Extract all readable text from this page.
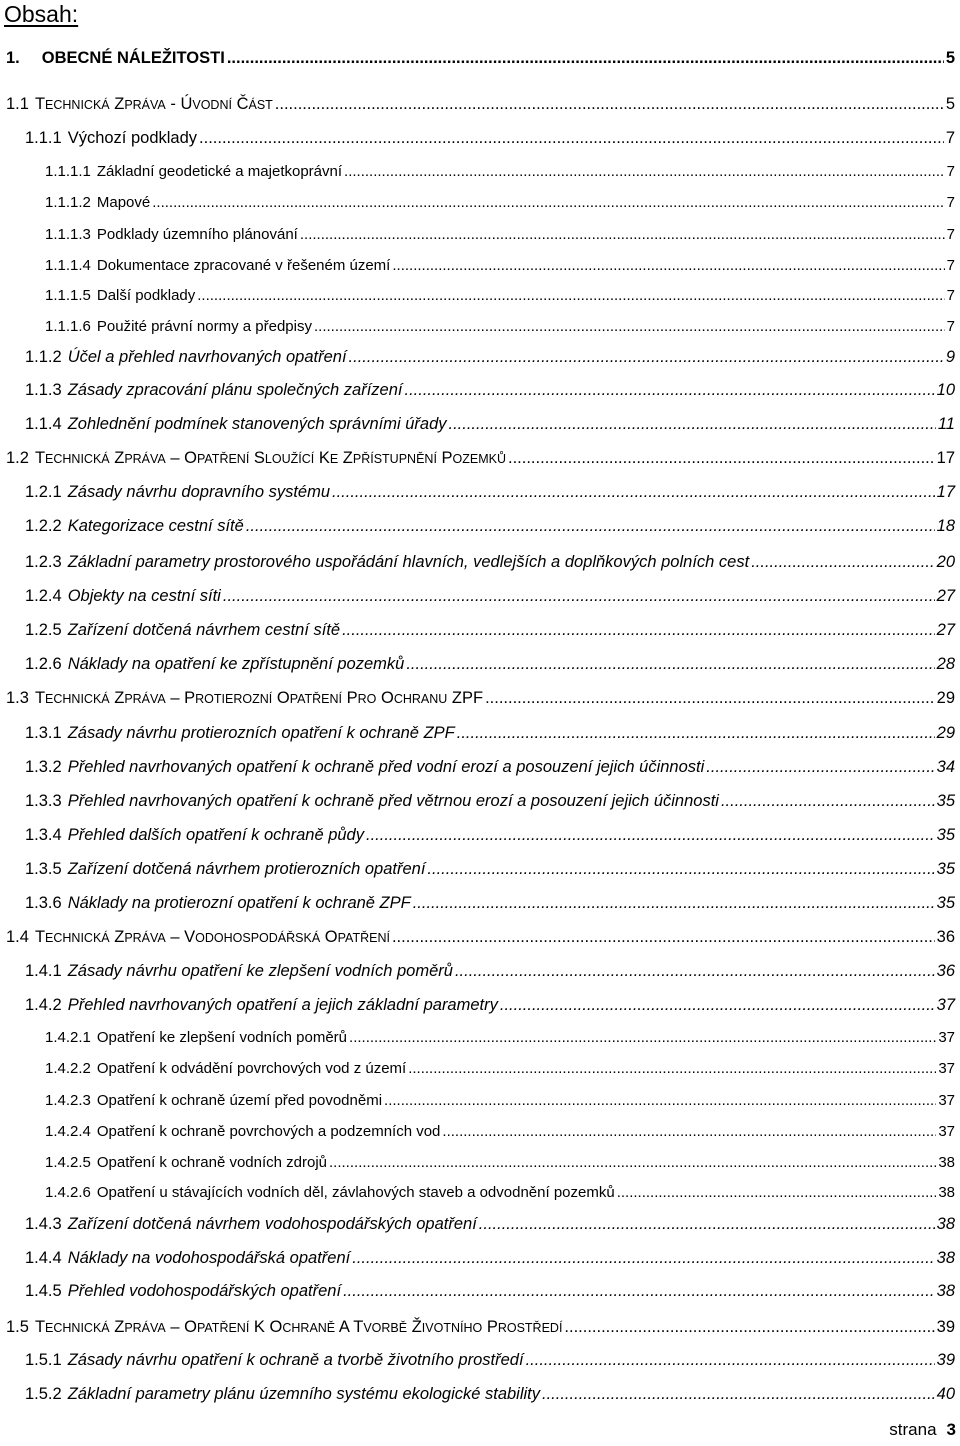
Obsah:
1. OBECNÉ NÁLEŽITOSTI .....	5
1.1 TECHNICKÁ ZPRÁVA - ÚVODNÍ ČÁST .....	5
1.1.1 Výchozí podklady .....	7
1.1.1.1 Základní geodetické a majetkoprávní .....	7
1.1.1.2 Mapové .....	7
1.1.1.3 Podklady územního plánování .....	7
1.1.1.4 Dokumentace zpracované v řešeném území .....	7
1.1.1.5 Další podklady .....	7
1.1.1.6 Použité právní normy a předpisy .....	7
1.1.2 Účel a přehled navrhovaných opatření .....	9
1.1.3 Zásady zpracování plánu společných zařízení .....	10
1.1.4 Zohlednění podmínek stanovených správními úřady .....	11
1.2 TECHNICKÁ ZPRÁVA – OPATŘENÍ SLOUŽÍCÍ KE ZPŘÍSTUPNĚNÍ POZEMKŮ .....	17
1.2.1 Zásady návrhu dopravního systému .....	17
1.2.2 Kategorizace cestní sítě .....	18
1.2.3 Základní parametry prostorového uspořádání hlavních, vedlejších a doplňkových polních cest .....	20
1.2.4 Objekty na cestní síti .....	27
1.2.5 Zařízení dotčená návrhem cestní sítě .....	27
1.2.6 Náklady na opatření ke zpřístupnění pozemků .....	28
1.3 TECHNICKÁ ZPRÁVA – PROTIEROZNÍ OPATŘENÍ PRO OCHRANU ZPF .....	29
1.3.1 Zásady návrhu protierozních opatření k ochraně ZPF .....	29
1.3.2 Přehled navrhovaných opatření k ochraně před vodní erozí a posouzení jejich účinnosti .....	34
1.3.3 Přehled navrhovaných opatření k ochraně před větrnou erozí a posouzení jejich účinnosti .....	35
1.3.4 Přehled dalších opatření k ochraně půdy .....	35
1.3.5 Zařízení dotčená návrhem protierozních opatření .....	35
1.3.6 Náklady na protierozní opatření k ochraně ZPF .....	35
1.4 TECHNICKÁ ZPRÁVA – VODOHOSPODÁŘSKÁ OPATŘENÍ .....	36
1.4.1 Zásady návrhu opatření ke zlepšení vodních poměrů .....	36
1.4.2 Přehled navrhovaných opatření a jejich základní parametry .....	37
1.4.2.1 Opatření ke zlepšení vodních poměrů .....	37
1.4.2.2 Opatření k odvádění povrchových vod z území .....	37
1.4.2.3 Opatření k ochraně území před povodněmi .....	37
1.4.2.4 Opatření k ochraně povrchových a podzemních vod .....	37
1.4.2.5 Opatření k ochraně vodních zdrojů .....	38
1.4.2.6 Opatření u stávajících vodních děl, závlahových staveb a odvodnění pozemků .....	38
1.4.3 Zařízení dotčená návrhem vodohospodářských opatření .....	38
1.4.4 Náklady na vodohospodářská opatření .....	38
1.4.5 Přehled vodohospodářských opatření .....	38
1.5 TECHNICKÁ ZPRÁVA – OPATŘENÍ K OCHRANĚ A TVORBĚ ŽIVOTNÍHO PROSTŘEDÍ .....	39
1.5.1 Zásady návrhu opatření k ochraně a tvorbě životního prostředí .....	39
1.5.2 Základní parametry plánu územního systému ekologické stability .....	40
strana 3
